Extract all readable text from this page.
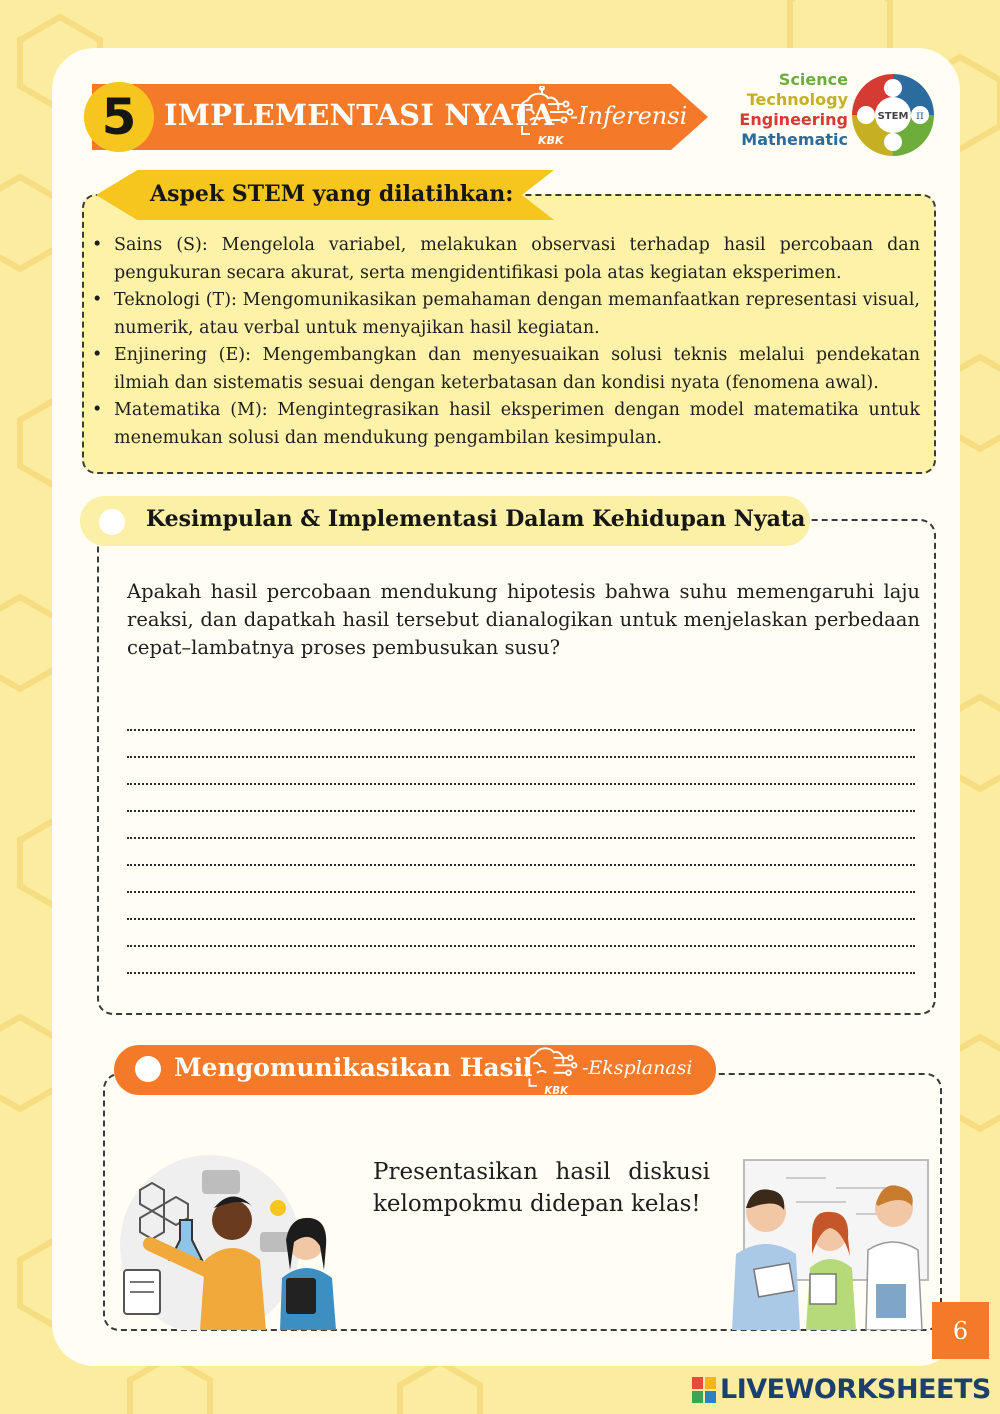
5 IMPLEMENTASI NYATA
KBK
-Inferensi
Science
Technology
Engineering
Mathematic
STEM π
Aspek STEM yang dilatihkan:
• Sains (S): Mengelola variabel, melakukan observasi terhadap hasil percobaan dan pengukuran secara akurat, serta mengidentifikasi pola atas kegiatan eksperimen.
• Teknologi (T): Mengomunikasikan pemahaman dengan memanfaatkan representasi visual, numerik, atau verbal untuk menyajikan hasil kegiatan.
• Enjinering (E): Mengembangkan dan menyesuaikan solusi teknis melalui pendekatan ilmiah dan sistematis sesuai dengan keterbatasan dan kondisi nyata (fenomena awal).
• Matematika (M): Mengintegrasikan hasil eksperimen dengan model matematika untuk menemukan solusi dan mendukung pengambilan kesimpulan.
Kesimpulan & Implementasi Dalam Kehidupan Nyata
Apakah hasil percobaan mendukung hipotesis bahwa suhu memengaruhi laju reaksi, dan dapatkah hasil tersebut dianalogikan untuk menjelaskan perbedaan cepat–lambatnya proses pembusukan susu?
Mengomunikasikan Hasil
KBK
-Eksplanasi
Presentasikan hasil diskusi kelompokmu didepan kelas!
6
LIVEWORKSHEETS
